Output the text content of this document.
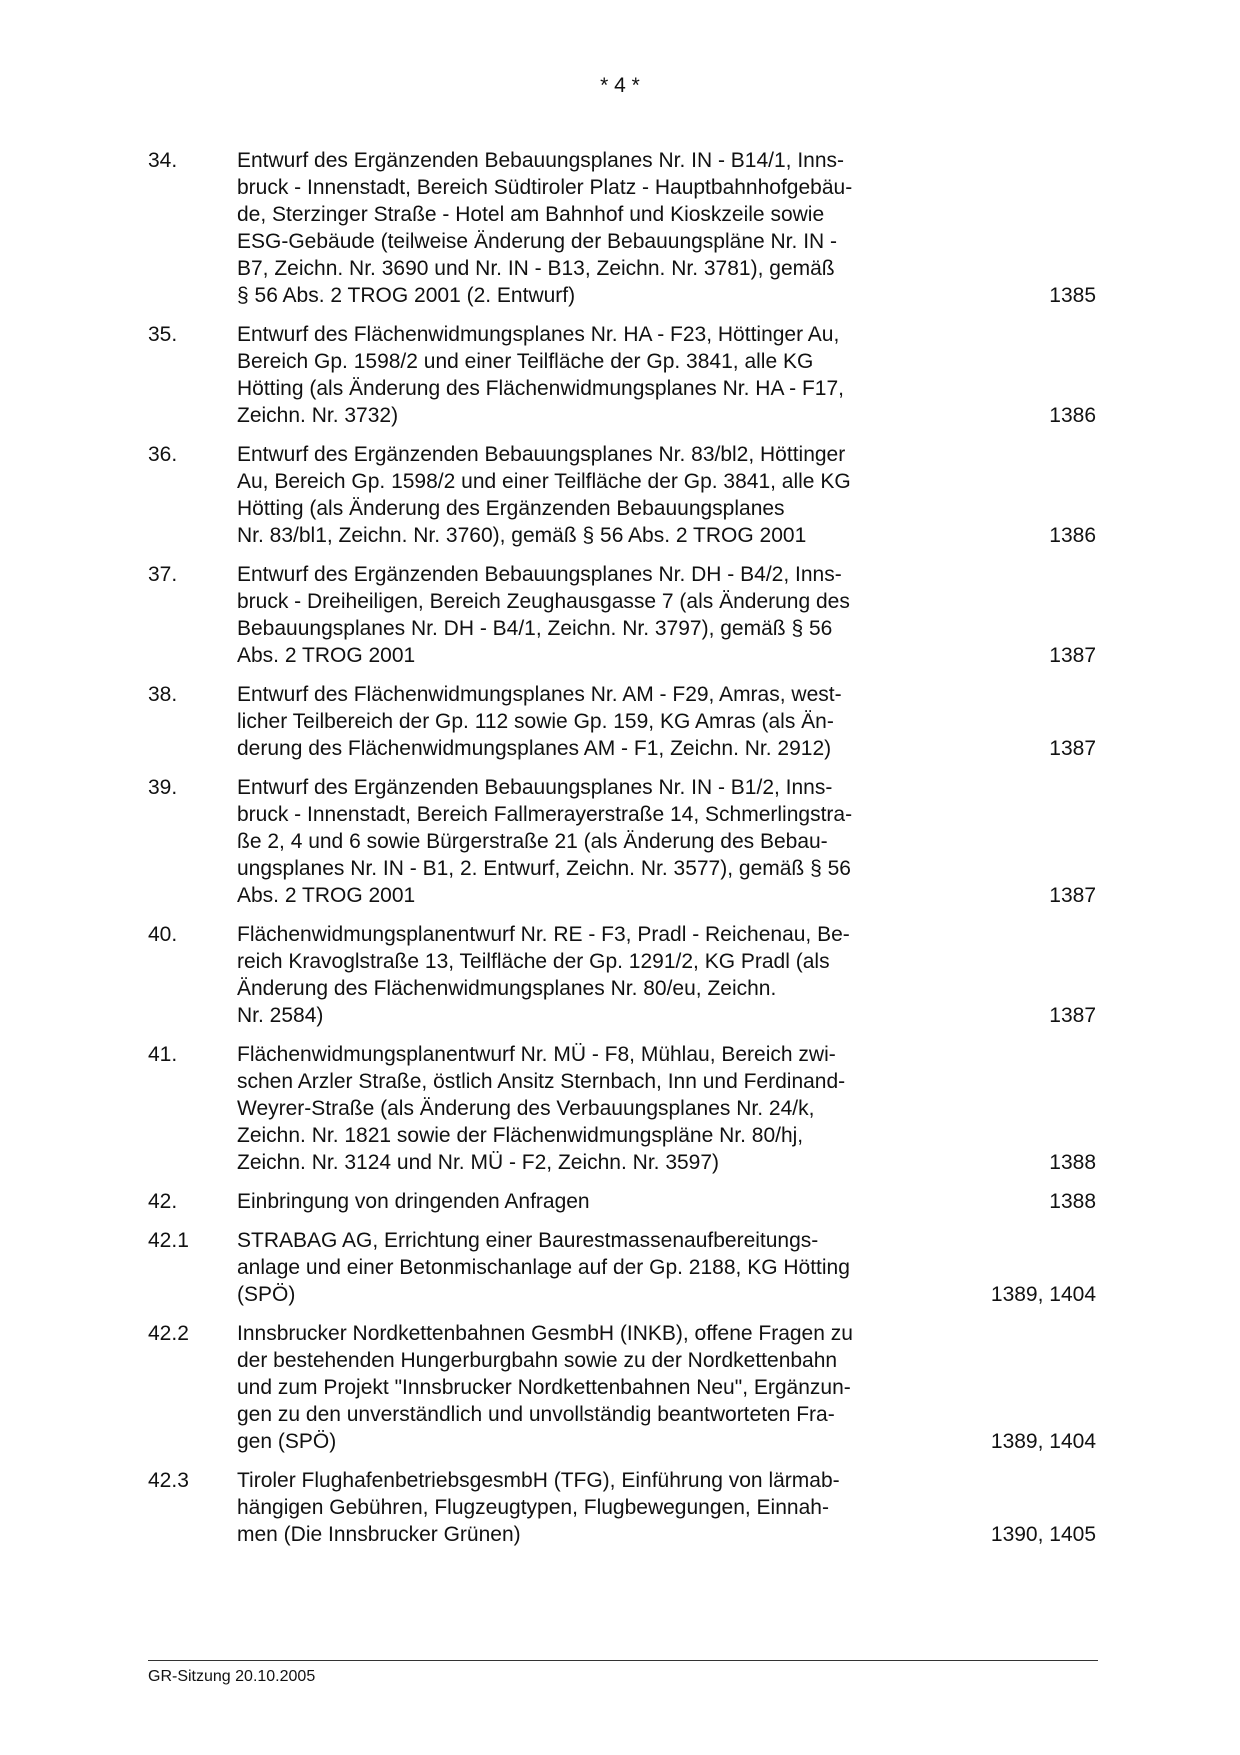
* 4 *
34.	Entwurf des Ergänzenden Bebauungsplanes Nr. IN - B14/1, Inns-
bruck - Innenstadt, Bereich Südtiroler Platz - Hauptbahnhofgebäu-
de, Sterzinger Straße - Hotel am Bahnhof und Kioskzeile sowie
ESG-Gebäude (teilweise Änderung der Bebauungspläne Nr. IN -
B7, Zeichn. Nr. 3690 und Nr. IN - B13, Zeichn. Nr. 3781), gemäß
§ 56 Abs. 2 TROG 2001 (2. Entwurf)	1385
35.	Entwurf des Flächenwidmungsplanes Nr. HA - F23, Höttinger Au,
Bereich Gp. 1598/2 und einer Teilfläche der Gp. 3841, alle KG
Hötting (als Änderung des Flächenwidmungsplanes Nr. HA - F17,
Zeichn. Nr. 3732)	1386
36.	Entwurf des Ergänzenden Bebauungsplanes Nr. 83/bl2, Höttinger
Au, Bereich Gp. 1598/2 und einer Teilfläche der Gp. 3841, alle KG
Hötting (als Änderung des Ergänzenden Bebauungsplanes
Nr. 83/bl1, Zeichn. Nr. 3760), gemäß § 56 Abs. 2 TROG 2001	1386
37.	Entwurf des Ergänzenden Bebauungsplanes Nr. DH - B4/2, Inns-
bruck - Dreiheiligen, Bereich Zeughausgasse 7 (als Änderung des
Bebauungsplanes Nr. DH - B4/1, Zeichn. Nr. 3797), gemäß § 56
Abs. 2 TROG 2001	1387
38.	Entwurf des Flächenwidmungsplanes Nr. AM - F29, Amras, west-
licher Teilbereich der Gp. 112 sowie Gp. 159, KG Amras (als Än-
derung des Flächenwidmungsplanes AM - F1, Zeichn. Nr. 2912)	1387
39.	Entwurf des Ergänzenden Bebauungsplanes Nr. IN - B1/2, Inns-
bruck - Innenstadt, Bereich Fallmerayerstraße 14, Schmerlingstra-
ße 2, 4 und 6 sowie Bürgerstraße 21 (als Änderung des Bebau-
ungsplanes Nr. IN - B1, 2. Entwurf, Zeichn. Nr. 3577), gemäß § 56
Abs. 2 TROG 2001	1387
40.	Flächenwidmungsplanentwurf Nr. RE - F3, Pradl - Reichenau, Be-
reich Kravoglstraße 13, Teilfläche der Gp. 1291/2, KG Pradl (als
Änderung des Flächenwidmungsplanes Nr. 80/eu, Zeichn.
Nr. 2584)	1387
41.	Flächenwidmungsplanentwurf Nr. MÜ - F8, Mühlau, Bereich zwi-
schen Arzler Straße, östlich Ansitz Sternbach, Inn und Ferdinand-
Weyrer-Straße (als Änderung des Verbauungsplanes Nr. 24/k,
Zeichn. Nr. 1821 sowie der Flächenwidmungspläne Nr. 80/hj,
Zeichn. Nr. 3124 und Nr. MÜ - F2, Zeichn. Nr. 3597)	1388
42.	Einbringung von dringenden Anfragen	1388
42.1	STRABAG AG, Errichtung einer Baurestmassenaufbereitungs-
anlage und einer Betonmischanlage auf der Gp. 2188, KG Hötting
(SPÖ)	1389, 1404
42.2	Innsbrucker Nordkettenbahnen GesmbH (INKB), offene Fragen zu
der bestehenden Hungerburgbahn sowie zu der Nordkettenbahn
und zum Projekt "Innsbrucker Nordkettenbahnen Neu", Ergänzun-
gen zu den unverständlich und unvollständig beantworteten Fra-
gen (SPÖ)	1389, 1404
42.3	Tiroler FlughafenbetriebsgesmbH (TFG), Einführung von lärmab-
hängigen Gebühren, Flugzeugtypen, Flugbewegungen, Einnah-
men (Die Innsbrucker Grünen)	1390, 1405
GR-Sitzung 20.10.2005
